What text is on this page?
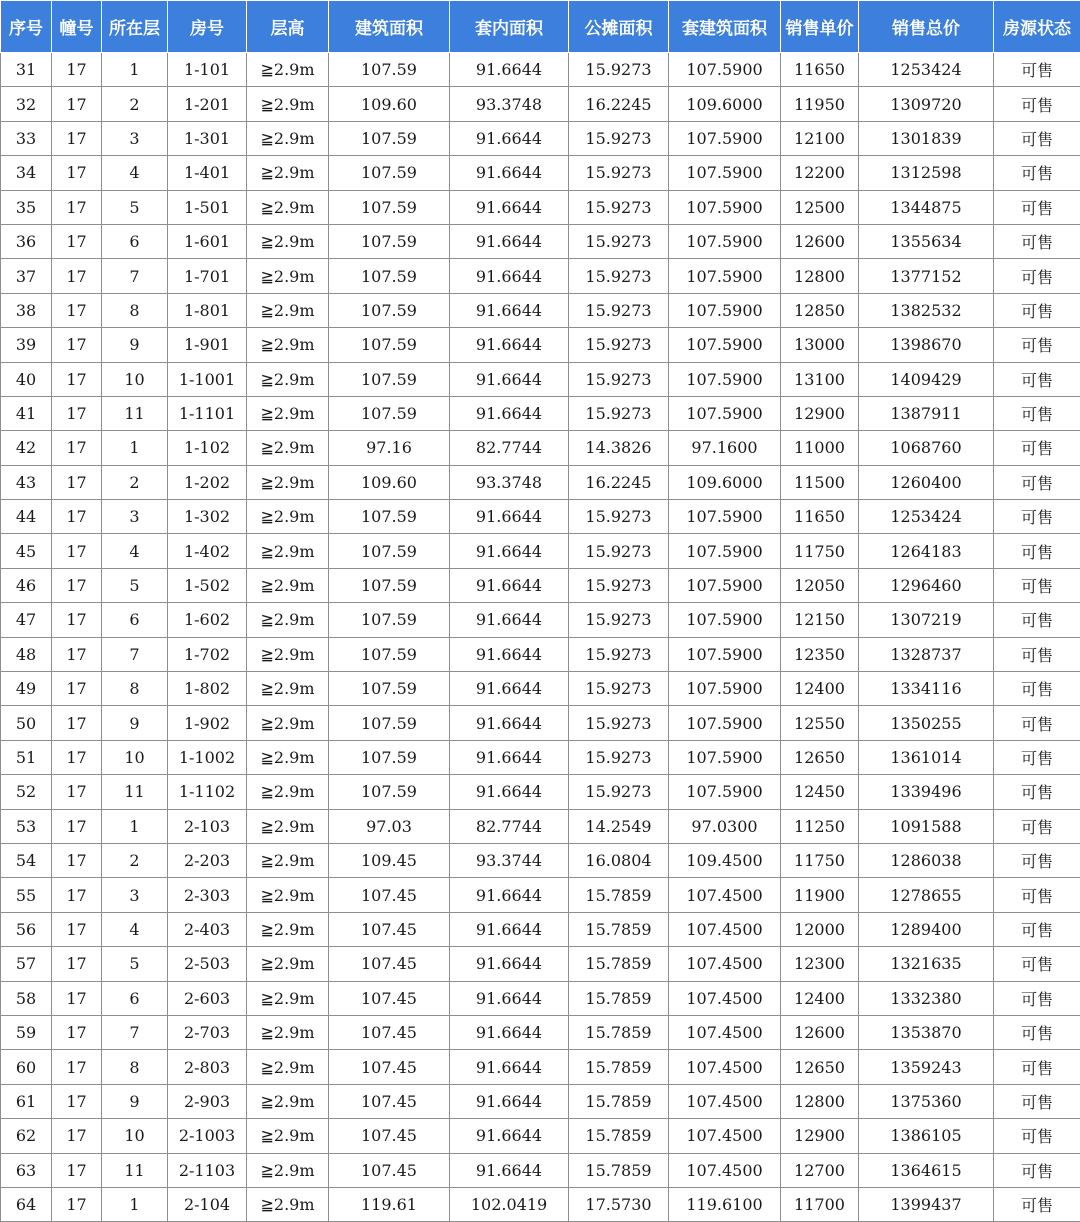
序号	幢号	所在层	房号	层高	建筑面积	套内面积	公摊面积	套建筑面积	销售单价	销售总价	房源状态
31	17	1	1-101	≧2.9m	107.59	91.6644	15.9273	107.5900	11650	1253424	可售
32	17	2	1-201	≧2.9m	109.60	93.3748	16.2245	109.6000	11950	1309720	可售
33	17	3	1-301	≧2.9m	107.59	91.6644	15.9273	107.5900	12100	1301839	可售
34	17	4	1-401	≧2.9m	107.59	91.6644	15.9273	107.5900	12200	1312598	可售
35	17	5	1-501	≧2.9m	107.59	91.6644	15.9273	107.5900	12500	1344875	可售
36	17	6	1-601	≧2.9m	107.59	91.6644	15.9273	107.5900	12600	1355634	可售
37	17	7	1-701	≧2.9m	107.59	91.6644	15.9273	107.5900	12800	1377152	可售
38	17	8	1-801	≧2.9m	107.59	91.6644	15.9273	107.5900	12850	1382532	可售
39	17	9	1-901	≧2.9m	107.59	91.6644	15.9273	107.5900	13000	1398670	可售
40	17	10	1-1001	≧2.9m	107.59	91.6644	15.9273	107.5900	13100	1409429	可售
41	17	11	1-1101	≧2.9m	107.59	91.6644	15.9273	107.5900	12900	1387911	可售
42	17	1	1-102	≧2.9m	97.16	82.7744	14.3826	97.1600	11000	1068760	可售
43	17	2	1-202	≧2.9m	109.60	93.3748	16.2245	109.6000	11500	1260400	可售
44	17	3	1-302	≧2.9m	107.59	91.6644	15.9273	107.5900	11650	1253424	可售
45	17	4	1-402	≧2.9m	107.59	91.6644	15.9273	107.5900	11750	1264183	可售
46	17	5	1-502	≧2.9m	107.59	91.6644	15.9273	107.5900	12050	1296460	可售
47	17	6	1-602	≧2.9m	107.59	91.6644	15.9273	107.5900	12150	1307219	可售
48	17	7	1-702	≧2.9m	107.59	91.6644	15.9273	107.5900	12350	1328737	可售
49	17	8	1-802	≧2.9m	107.59	91.6644	15.9273	107.5900	12400	1334116	可售
50	17	9	1-902	≧2.9m	107.59	91.6644	15.9273	107.5900	12550	1350255	可售
51	17	10	1-1002	≧2.9m	107.59	91.6644	15.9273	107.5900	12650	1361014	可售
52	17	11	1-1102	≧2.9m	107.59	91.6644	15.9273	107.5900	12450	1339496	可售
53	17	1	2-103	≧2.9m	97.03	82.7744	14.2549	97.0300	11250	1091588	可售
54	17	2	2-203	≧2.9m	109.45	93.3744	16.0804	109.4500	11750	1286038	可售
55	17	3	2-303	≧2.9m	107.45	91.6644	15.7859	107.4500	11900	1278655	可售
56	17	4	2-403	≧2.9m	107.45	91.6644	15.7859	107.4500	12000	1289400	可售
57	17	5	2-503	≧2.9m	107.45	91.6644	15.7859	107.4500	12300	1321635	可售
58	17	6	2-603	≧2.9m	107.45	91.6644	15.7859	107.4500	12400	1332380	可售
59	17	7	2-703	≧2.9m	107.45	91.6644	15.7859	107.4500	12600	1353870	可售
60	17	8	2-803	≧2.9m	107.45	91.6644	15.7859	107.4500	12650	1359243	可售
61	17	9	2-903	≧2.9m	107.45	91.6644	15.7859	107.4500	12800	1375360	可售
62	17	10	2-1003	≧2.9m	107.45	91.6644	15.7859	107.4500	12900	1386105	可售
63	17	11	2-1103	≧2.9m	107.45	91.6644	15.7859	107.4500	12700	1364615	可售
64	17	1	2-104	≧2.9m	119.61	102.0419	17.5730	119.6100	11700	1399437	可售
